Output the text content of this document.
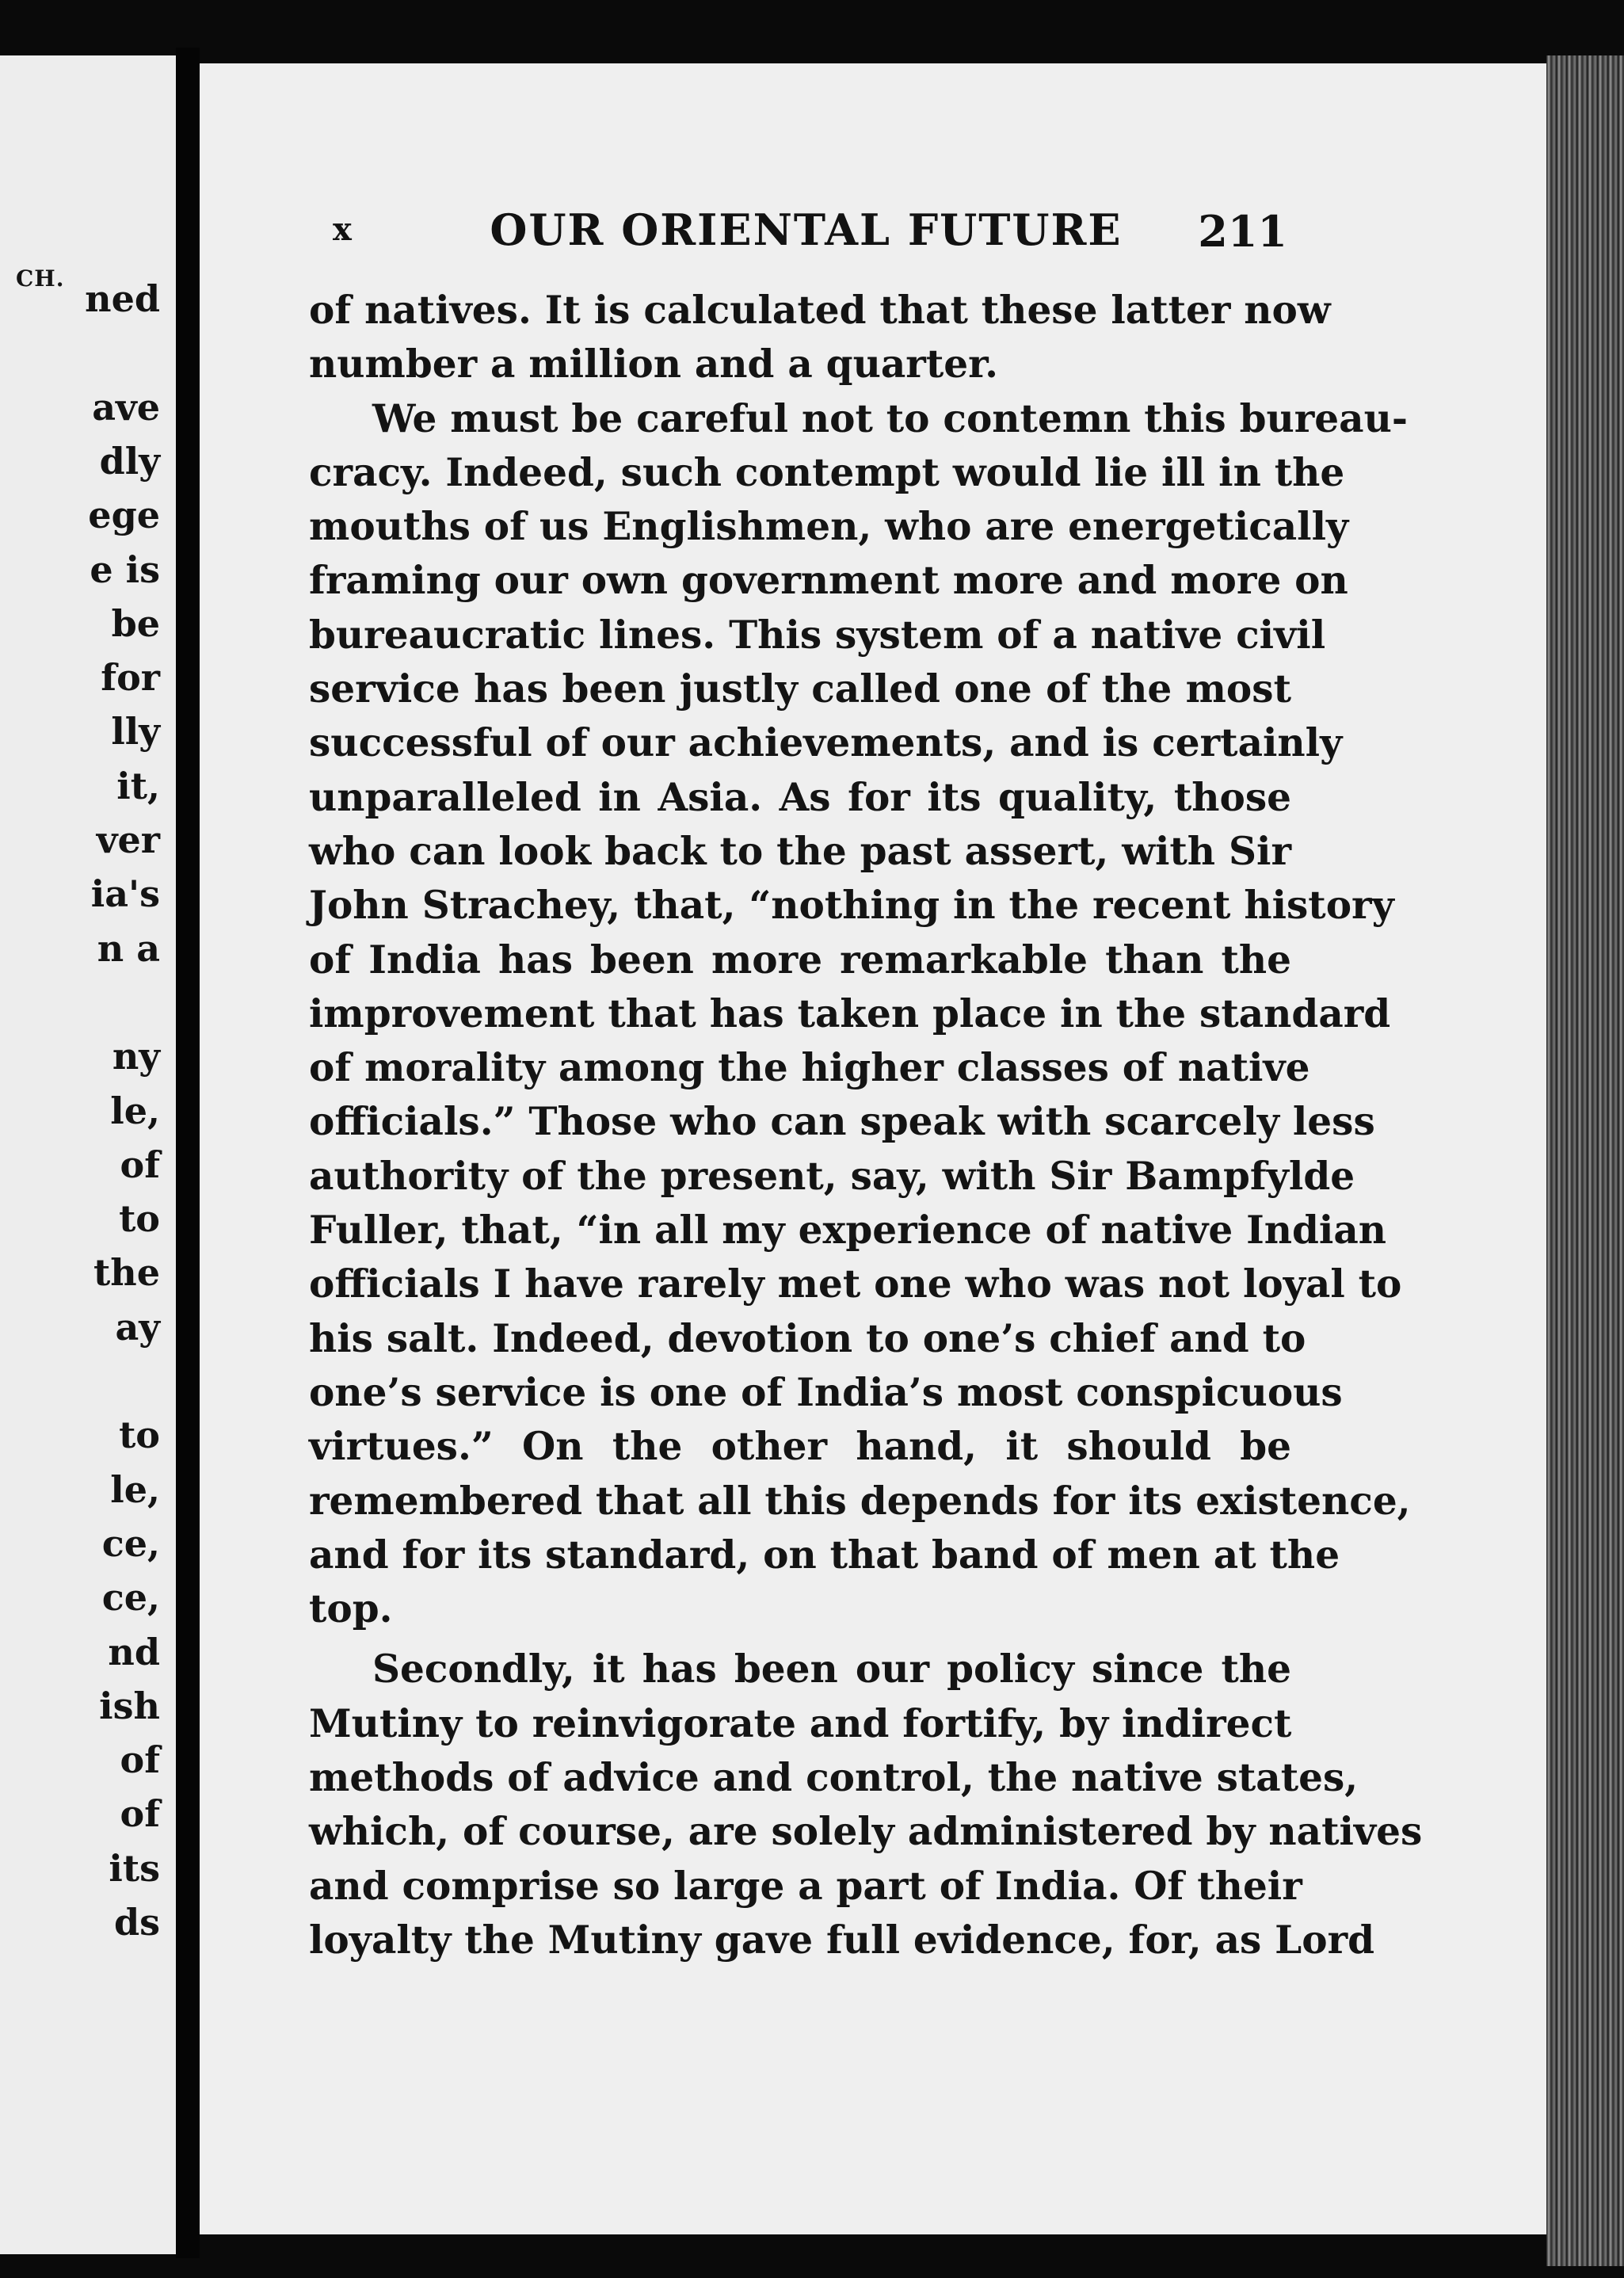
CH. ned
ave
dly
ege
e is
be
for
lly
it,
ver
ia's
n a
ny
le,
of
to
the
ay
to
le,
ce,
ce,
nd
ish
of
of
its
ds
x	OUR ORIENTAL FUTURE	211
of natives. It is calculated that these latter now
number a million and a quarter.
We must be careful not to contemn this bureau-
cracy. Indeed, such contempt would lie ill in the
mouths of us Englishmen, who are energetically
framing our own government more and more on
bureaucratic lines. This system of a native civil
service has been justly called one of the most
successful of our achievements, and is certainly
unparalleled in Asia. As for its quality, those
who can look back to the past assert, with Sir
John Strachey, that, “nothing in the recent history
of India has been more remarkable than the
improvement that has taken place in the standard
of morality among the higher classes of native
officials.” Those who can speak with scarcely less
authority of the present, say, with Sir Bampfylde
Fuller, that, “in all my experience of native Indian
officials I have rarely met one who was not loyal to
his salt. Indeed, devotion to one’s chief and to
one’s service is one of India’s most conspicuous
virtues.” On the other hand, it should be
remembered that all this depends for its existence,
and for its standard, on that band of men at the
top.
Secondly, it has been our policy since the
Mutiny to reinvigorate and fortify, by indirect
methods of advice and control, the native states,
which, of course, are solely administered by natives
and comprise so large a part of India. Of their
loyalty the Mutiny gave full evidence, for, as Lord
